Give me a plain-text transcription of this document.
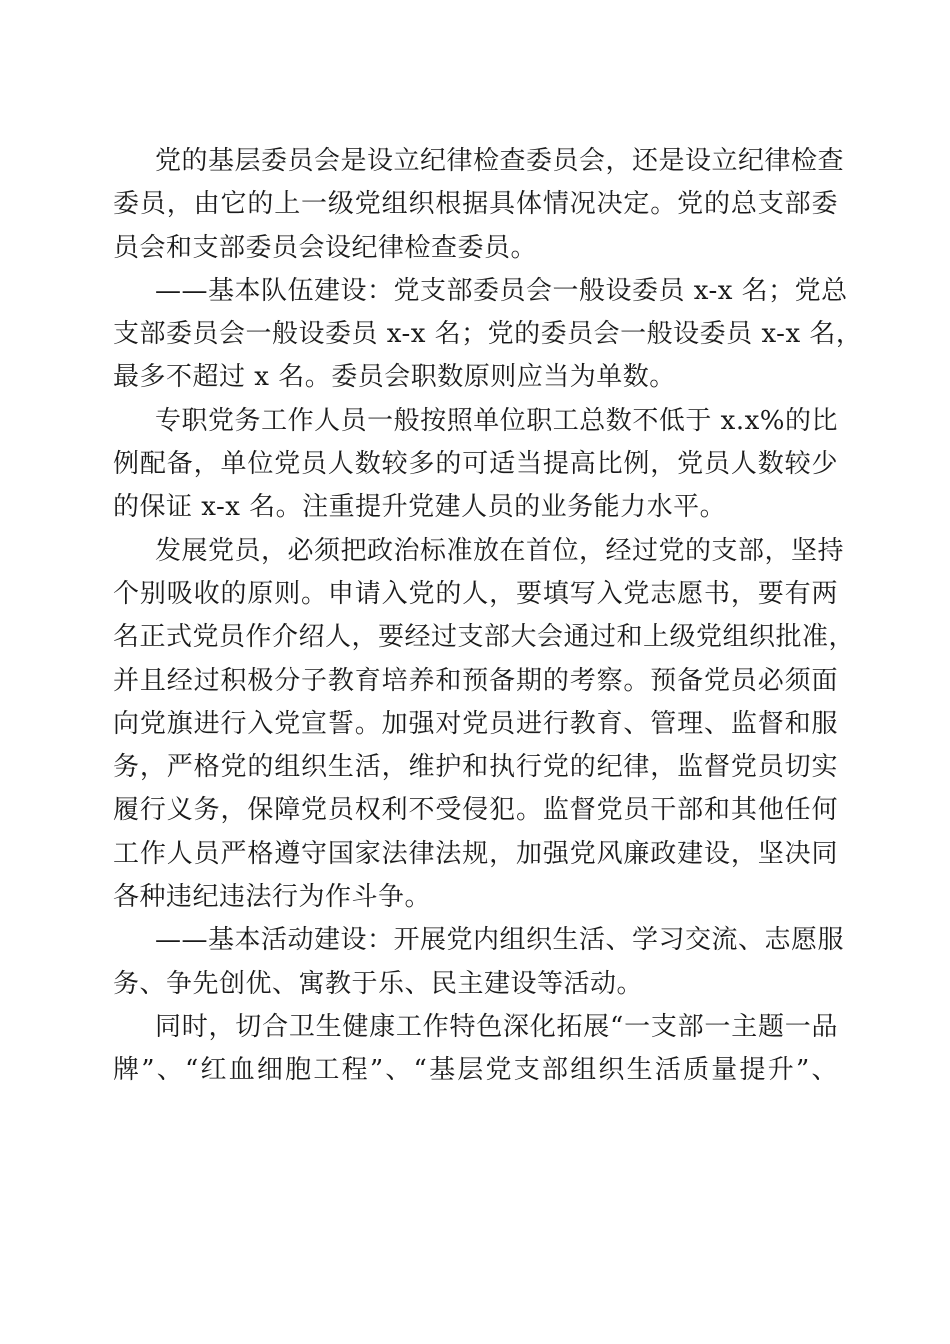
党的基层委员会是设立纪律检查委员会，还是设立纪律检查
委员，由它的上一级党组织根据具体情况决定。党的总支部委
员会和支部委员会设纪律检查委员。
——基本队伍建设：党支部委员会一般设委员 x-x 名；党总
支部委员会一般设委员 x-x 名；党的委员会一般设委员 x-x 名，
最多不超过 x 名。委员会职数原则应当为单数。
专职党务工作人员一般按照单位职工总数不低于 x.x%的比
例配备，单位党员人数较多的可适当提高比例，党员人数较少
的保证 x-x 名。注重提升党建人员的业务能力水平。
发展党员，必须把政治标准放在首位，经过党的支部，坚持
个别吸收的原则。申请入党的人，要填写入党志愿书，要有两
名正式党员作介绍人，要经过支部大会通过和上级党组织批准，
并且经过积极分子教育培养和预备期的考察。预备党员必须面
向党旗进行入党宣誓。加强对党员进行教育、管理、监督和服
务，严格党的组织生活，维护和执行党的纪律，监督党员切实
履行义务，保障党员权利不受侵犯。监督党员干部和其他任何
工作人员严格遵守国家法律法规，加强党风廉政建设，坚决同
各种违纪违法行为作斗争。
——基本活动建设：开展党内组织生活、学习交流、志愿服
务、争先创优、寓教于乐、民主建设等活动。
同时，切合卫生健康工作特色深化拓展“一支部一主题一品
牌”、“红血细胞工程”、“基层党支部组织生活质量提升”、
